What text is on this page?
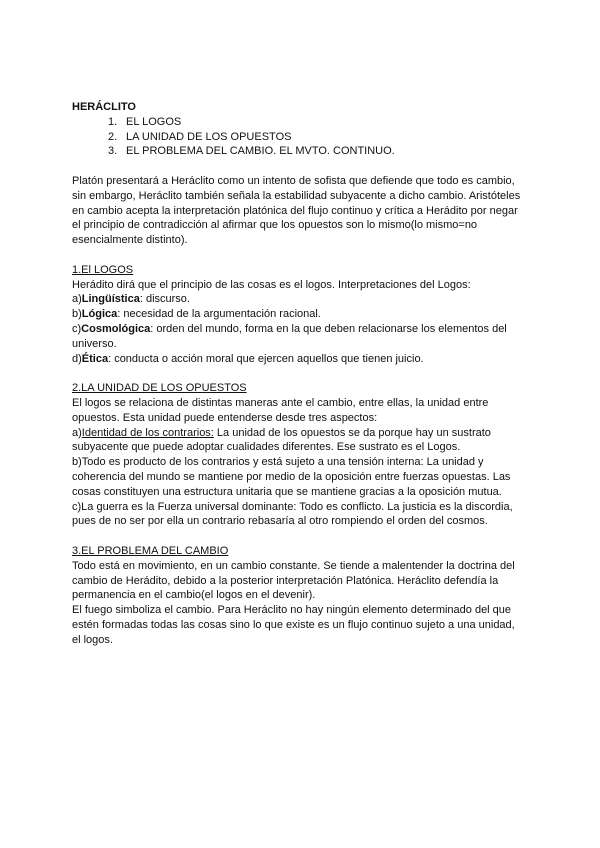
HERÁCLITO

1. EL LOGOS
2. LA UNIDAD DE LOS OPUESTOS
3. EL PROBLEMA DEL CAMBIO. EL MVTO. CONTINUO.

Platón presentará a Heráclito como un intento de sofista que defiende que todo es cambio, sin embargo, Heráclito también señala la estabilidad subyacente a dicho cambio. Aristóteles en cambio acepta la interpretación platónica del flujo continuo y crítica a Herádito por negar el principio de contradicción al afirmar que los opuestos son lo mismo(lo mismo=no esencialmente distinto).

1.El LOGOS

Herádito dirá que el principio de las cosas es el logos. Interpretaciones del Logos:

a)Lingüística: discurso.

b)Lógica: necesidad de la argumentación racional.

c)Cosmológica: orden del mundo, forma en la que deben relacionarse los elementos del universo.

d)Ética: conducta o acción moral que ejercen aquellos que tienen juicio.

2.LA UNIDAD DE LOS OPUESTOS

El logos se relaciona de distintas maneras ante el cambio, entre ellas, la unidad entre opuestos. Esta unidad puede entenderse desde tres aspectos:

a)Identidad de los contrarios: La unidad de los opuestos se da porque hay un sustrato subyacente que puede adoptar cualidades diferentes. Ese sustrato es el Logos.

b)Todo es producto de los contrarios y está sujeto a una tensión interna: La unidad y coherencia del mundo se mantiene por medio de la oposición entre fuerzas opuestas. Las cosas constituyen una estructura unitaria que se mantiene gracias a la oposición mutua.

c)La guerra es la Fuerza universal dominante: Todo es conflicto. La justicia es la discordia, pues de no ser por ella un contrario rebasaría al otro rompiendo el orden del cosmos.

3.EL PROBLEMA DEL CAMBIO

Todo está en movimiento, en un cambio constante. Se tiende a malentender la doctrina del cambio de Herádito, debido a la posterior interpretación Platónica. Heráclito defendía la permanencia en el cambio(el logos en el devenir).

El fuego simboliza el cambio. Para Heráclito no hay ningún elemento determinado del que estén formadas todas las cosas sino lo que existe es un flujo continuo sujeto a una unidad, el logos.
